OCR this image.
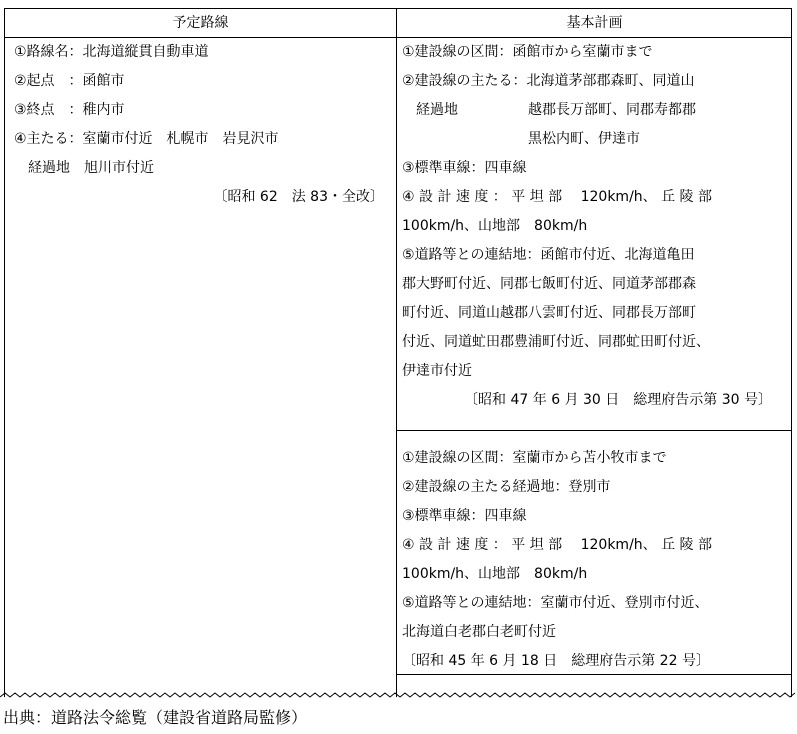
予定路線	基本計画
①路線名：北海道縦貫自動車道
②起点　：函館市
③終点　：稚内市
④主たる：室蘭市付近　札幌市　岩見沢市
　経過地　旭川市付近
〔昭和 62　法 83・全改〕
①建設線の区間：函館市から室蘭市まで
②建設線の主たる：北海道茅部郡森町、同道山
　経過地　　　　　越郡長万部町、同郡寿都郡
　　　　　　　　　黒松内町、伊達市
③標準車線：四車線
④ 設 計 速 度 ： 平 坦 部　 120km/h、 丘 陵 部
100km/h、山地部　80km/h
⑤道路等との連結地：函館市付近、北海道亀田
郡大野町付近、同郡七飯町付近、同道茅部郡森
町付近、同道山越郡八雲町付近、同郡長万部町
付近、同道虻田郡豊浦町付近、同郡虻田町付近、
伊達市付近
〔昭和 47 年 6 月 30 日　総理府告示第 30 号〕
①建設線の区間：室蘭市から苫小牧市まで
②建設線の主たる経過地：登別市
③標準車線：四車線
④ 設 計 速 度 ： 平 坦 部　 120km/h、 丘 陵 部
100km/h、山地部　80km/h
⑤道路等との連結地：室蘭市付近、登別市付近、
北海道白老郡白老町付近
〔昭和 45 年 6 月 18 日　総理府告示第 22 号〕
出典：道路法令総覧（建設省道路局監修）
